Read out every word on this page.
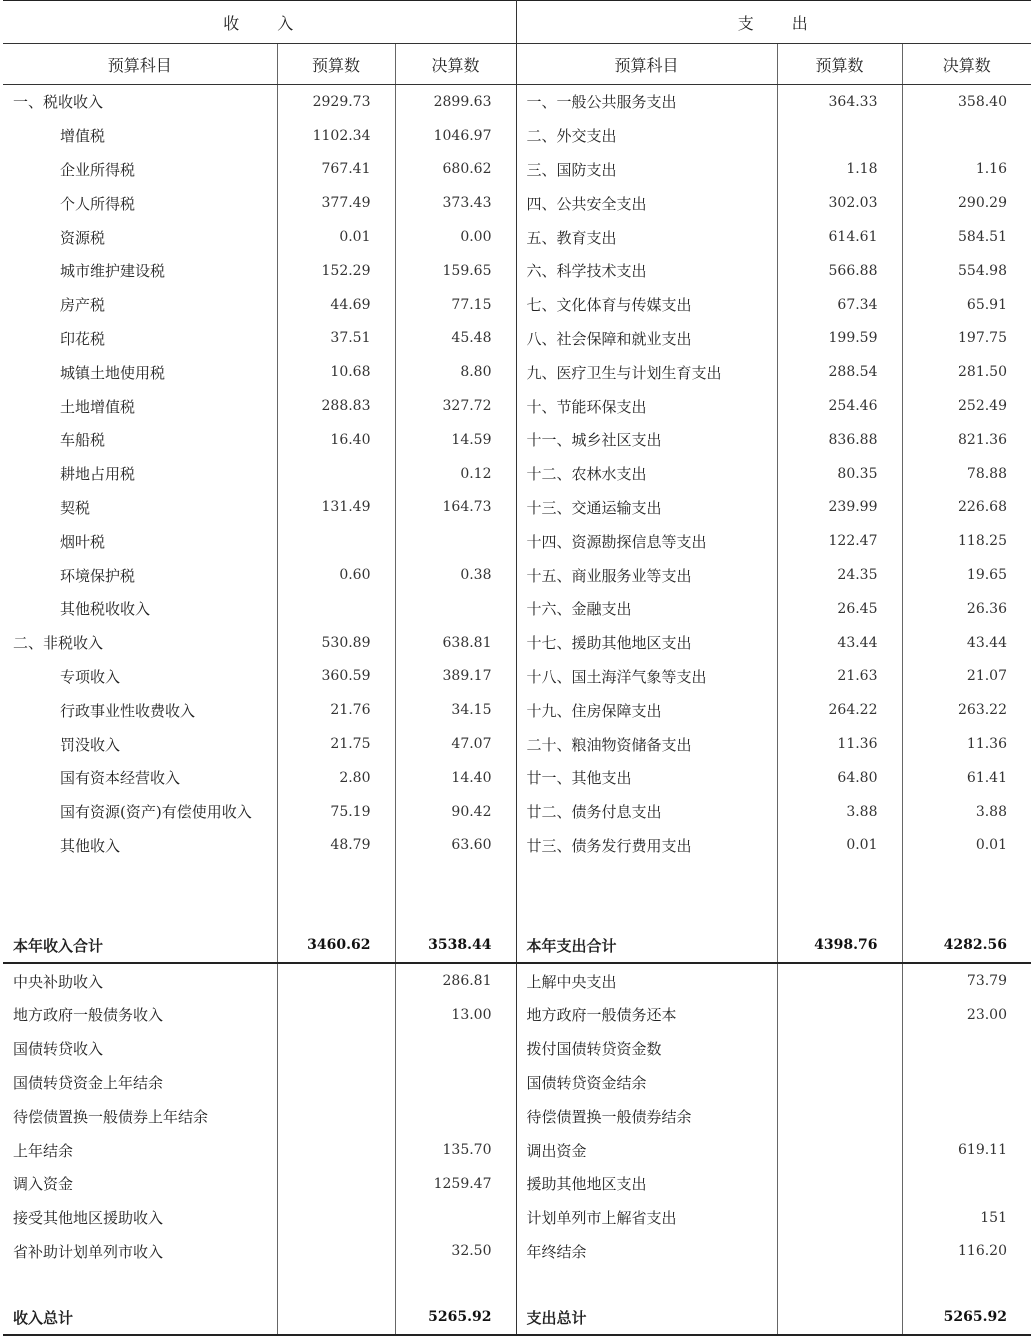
收　　入			支　　出		
预算科目	预算数	决算数	预算科目	预算数	决算数
一、税收收入	2929.73	2899.63	一、一般公共服务支出	364.33	358.40
增值税	1102.34	1046.97	二、外交支出		
企业所得税	767.41	680.62	三、国防支出	1.18	1.16
个人所得税	377.49	373.43	四、公共安全支出	302.03	290.29
资源税	0.01	0.00	五、教育支出	614.61	584.51
城市维护建设税	152.29	159.65	六、科学技术支出	566.88	554.98
房产税	44.69	77.15	七、文化体育与传媒支出	67.34	65.91
印花税	37.51	45.48	八、社会保障和就业支出	199.59	197.75
城镇土地使用税	10.68	8.80	九、医疗卫生与计划生育支出	288.54	281.50
土地增值税	288.83	327.72	十、节能环保支出	254.46	252.49
车船税	16.40	14.59	十一、城乡社区支出	836.88	821.36
耕地占用税		0.12	十二、农林水支出	80.35	78.88
契税	131.49	164.73	十三、交通运输支出	239.99	226.68
烟叶税			十四、资源勘探信息等支出	122.47	118.25
环境保护税	0.60	0.38	十五、商业服务业等支出	24.35	19.65
其他税收收入			十六、金融支出	26.45	26.36
二、非税收入	530.89	638.81	十七、援助其他地区支出	43.44	43.44
专项收入	360.59	389.17	十八、国土海洋气象等支出	21.63	21.07
行政事业性收费收入	21.76	34.15	十九、住房保障支出	264.22	263.22
罚没收入	21.75	47.07	二十、粮油物资储备支出	11.36	11.36
国有资本经营收入	2.80	14.40	廿一、其他支出	64.80	61.41
国有资源(资产)有偿使用收入	75.19	90.42	廿二、债务付息支出	3.88	3.88
其他收入	48.79	63.60	廿三、债务发行费用支出	0.01	0.01

本年收入合计	3460.62	3538.44	本年支出合计	4398.76	4282.56
中央补助收入		286.81	上解中央支出		73.79
地方政府一般债务收入		13.00	地方政府一般债务还本		23.00
国债转贷收入			拨付国债转贷资金数		
国债转贷资金上年结余			国债转贷资金结余		
待偿债置换一般债券上年结余			待偿债置换一般债券结余		
上年结余		135.70	调出资金		619.11
调入资金		1259.47	援助其他地区支出		
接受其他地区援助收入			计划单列市上解省支出		151
省补助计划单列市收入		32.50	年终结余		116.20

收入总计		5265.92	支出总计		5265.92
